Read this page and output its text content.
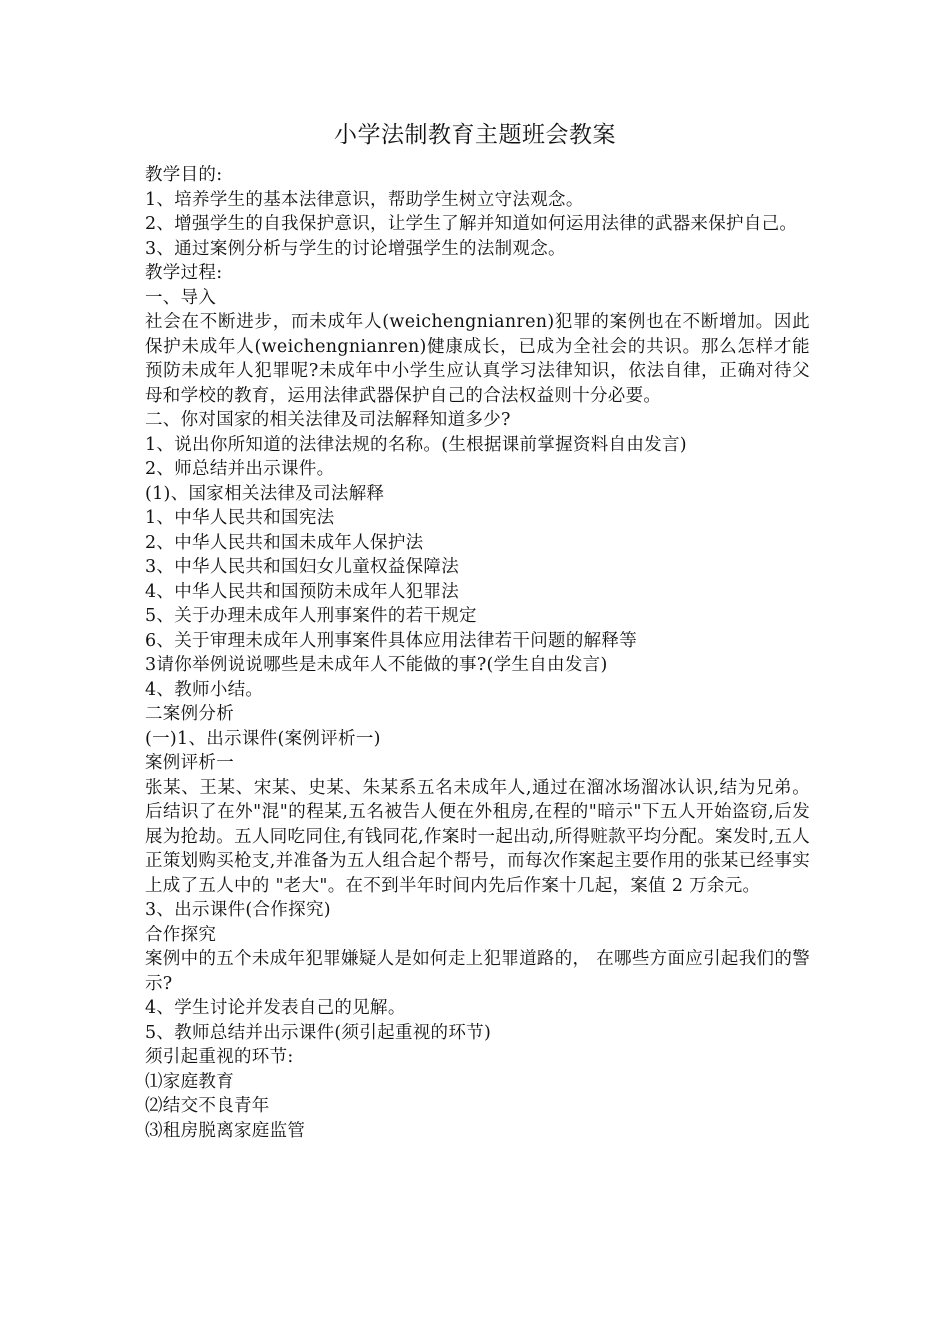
小学法制教育主题班会教案

教学目的:

1、培养学生的基本法律意识，帮助学生树立守法观念。

2、增强学生的自我保护意识，让学生了解并知道如何运用法律的武器来保护自己。

3、通过案例分析与学生的讨论增强学生的法制观念。

教学过程:

一、导入

社会在不断进步，而未成年人(weichengnianren)犯罪的案例也在不断增加。因此保护未成年人(weichengnianren)健康成长，已成为全社会的共识。那么怎样才能预防未成年人犯罪呢?未成年中小学生应认真学习法律知识，依法自律，正确对待父母和学校的教育，运用法律武器保护自己的合法权益则十分必要。

二、你对国家的相关法律及司法解释知道多少?

1、说出你所知道的法律法规的名称。(生根据课前掌握资料自由发言)

2、师总结并出示课件。

(1)、国家相关法律及司法解释

1、中华人民共和国宪法

2、中华人民共和国未成年人保护法

3、中华人民共和国妇女儿童权益保障法

4、中华人民共和国预防未成年人犯罪法

5、关于办理未成年人刑事案件的若干规定

6、关于审理未成年人刑事案件具体应用法律若干问题的解释等

3请你举例说说哪些是未成年人不能做的事?(学生自由发言)

4、教师小结。

二案例分析

(一)1、出示课件(案例评析一)

案例评析一

张某、王某、宋某、史某、朱某系五名未成年人,通过在溜冰场溜冰认识,结为兄弟。后结识了在外"混"的程某,五名被告人便在外租房,在程的"暗示"下五人开始盗窃,后发展为抢劫。五人同吃同住,有钱同花,作案时一起出动,所得赃款平均分配。案发时,五人正策划购买枪支,并准备为五人组合起个帮号，而每次作案起主要作用的张某已经事实上成了五人中的 "老大"。在不到半年时间内先后作案十几起，案值 2 万余元。

3、出示课件(合作探究)

合作探究

案例中的五个未成年犯罪嫌疑人是如何走上犯罪道路的， 在哪些方面应引起我们的警示?

4、学生讨论并发表自己的见解。

5、教师总结并出示课件(须引起重视的环节)

须引起重视的环节:

⑴家庭教育

⑵结交不良青年

⑶租房脱离家庭监管
